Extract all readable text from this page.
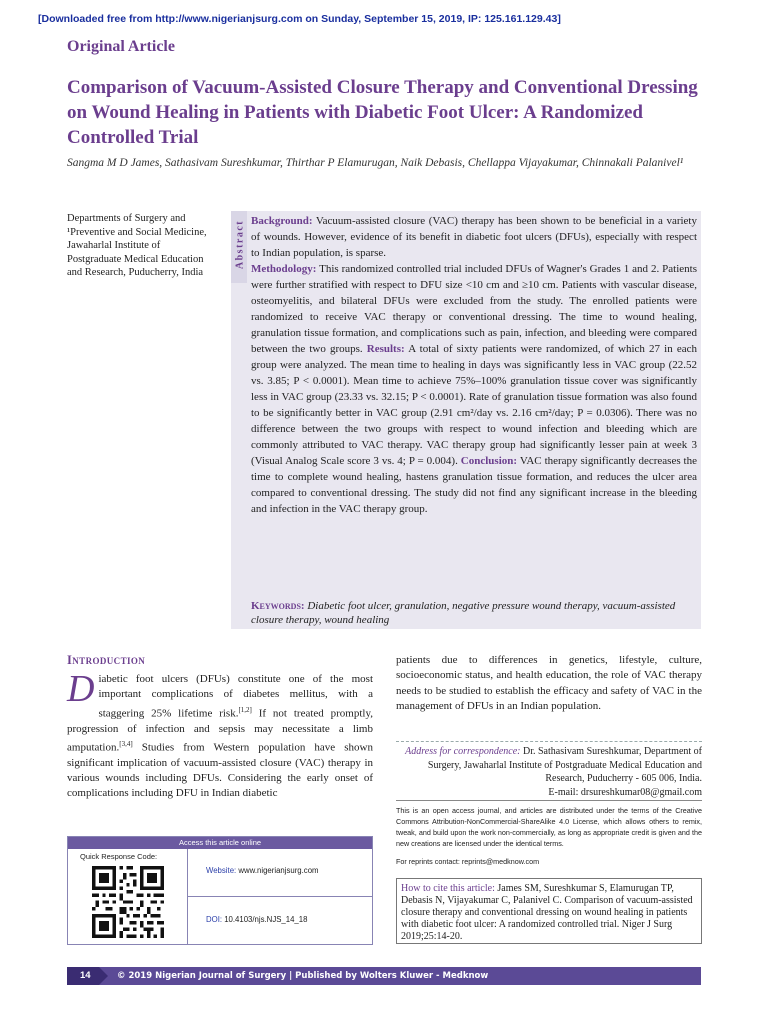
[Downloaded free from http://www.nigerianjsurg.com on Sunday, September 15, 2019, IP: 125.161.129.43]
Original Article
Comparison of Vacuum‑Assisted Closure Therapy and Conventional Dressing on Wound Healing in Patients with Diabetic Foot Ulcer: A Randomized Controlled Trial
Sangma M D James, Sathasivam Sureshkumar, Thirthar P Elamurugan, Naik Debasis, Chellappa Vijayakumar, Chinnakali Palanivel¹
Departments of Surgery and ¹Preventive and Social Medicine, Jawaharlal Institute of Postgraduate Medical Education and Research, Puducherry, India
Abstract Background: Vacuum‑assisted closure (VAC) therapy has been shown to be beneficial in a variety of wounds. However, evidence of its benefit in diabetic foot ulcers (DFUs), especially with respect to Indian population, is sparse.
Methodology: This randomized controlled trial included DFUs of Wagner's Grades 1 and 2. Patients were further stratified with respect to DFU size <10 cm and ≥10 cm. Patients with vascular disease, osteomyelitis, and bilateral DFUs were excluded from the study. The enrolled patients were randomized to receive VAC therapy or conventional dressing. The time to wound healing, granulation tissue formation, and complications such as pain, infection, and bleeding were compared between the two groups. Results: A total of sixty patients were randomized, of which 27 in each group were analyzed. The mean time to healing in days was significantly less in VAC group (22.52 vs. 3.85; P < 0.0001). Mean time to achieve 75%–100% granulation tissue cover was significantly less in VAC group (23.33 vs. 32.15; P < 0.0001). Rate of granulation tissue formation was also found to be significantly better in VAC group (2.91 cm²/day vs. 2.16 cm²/day; P = 0.0306). There was no difference between the two groups with respect to wound infection and bleeding which are commonly attributed to VAC therapy. VAC therapy group had significantly lesser pain at week 3 (Visual Analog Scale score 3 vs. 4; P = 0.004). Conclusion: VAC therapy significantly decreases the time to complete wound healing, hastens granulation tissue formation, and reduces the ulcer area compared to conventional dressing. The study did not find any significant increase in the bleeding and infection in the VAC therapy group.
Keywords: Diabetic foot ulcer, granulation, negative pressure wound therapy, vacuum‑assisted closure therapy, wound healing
Introduction
Diabetic foot ulcers (DFUs) constitute one of the most important complications of diabetes mellitus, with a staggering 25% lifetime risk.[1,2] If not treated promptly, progression of infection and sepsis may necessitate a limb amputation.[3,4] Studies from Western population have shown significant implication of vacuum‑assisted closure (VAC) therapy in various wounds including DFUs. Considering the early onset of complications including DFU in Indian diabetic
patients due to differences in genetics, lifestyle, culture, socioeconomic status, and health education, the role of VAC therapy needs to be studied to establish the efficacy and safety of VAC in the management of DFUs in an Indian population.
Address for correspondence: Dr. Sathasivam Sureshkumar, Department of Surgery, Jawaharlal Institute of Postgraduate Medical Education and Research, Puducherry ‑ 605 006, India.
E‑mail: drsureshkumar08@gmail.com
This is an open access journal, and articles are distributed under the terms of the Creative Commons Attribution‑NonCommercial‑ShareAlike 4.0 License, which allows others to remix, tweak, and build upon the work non‑commercially, as long as appropriate credit is given and the new creations are licensed under the identical terms.
For reprints contact: reprints@medknow.com
How to cite this article: James SM, Sureshkumar S, Elamurugan TP, Debasis N, Vijayakumar C, Palanivel C. Comparison of vacuum‑assisted closure therapy and conventional dressing on wound healing in patients with diabetic foot ulcer: A randomized controlled trial. Niger J Surg 2019;25:14‑20.
Access this article online
Quick Response Code:
Website: www.nigerianjsurg.com
DOI: 10.4103/njs.NJS_14_18
14	© 2019 Nigerian Journal of Surgery | Published by Wolters Kluwer ‑ Medknow
